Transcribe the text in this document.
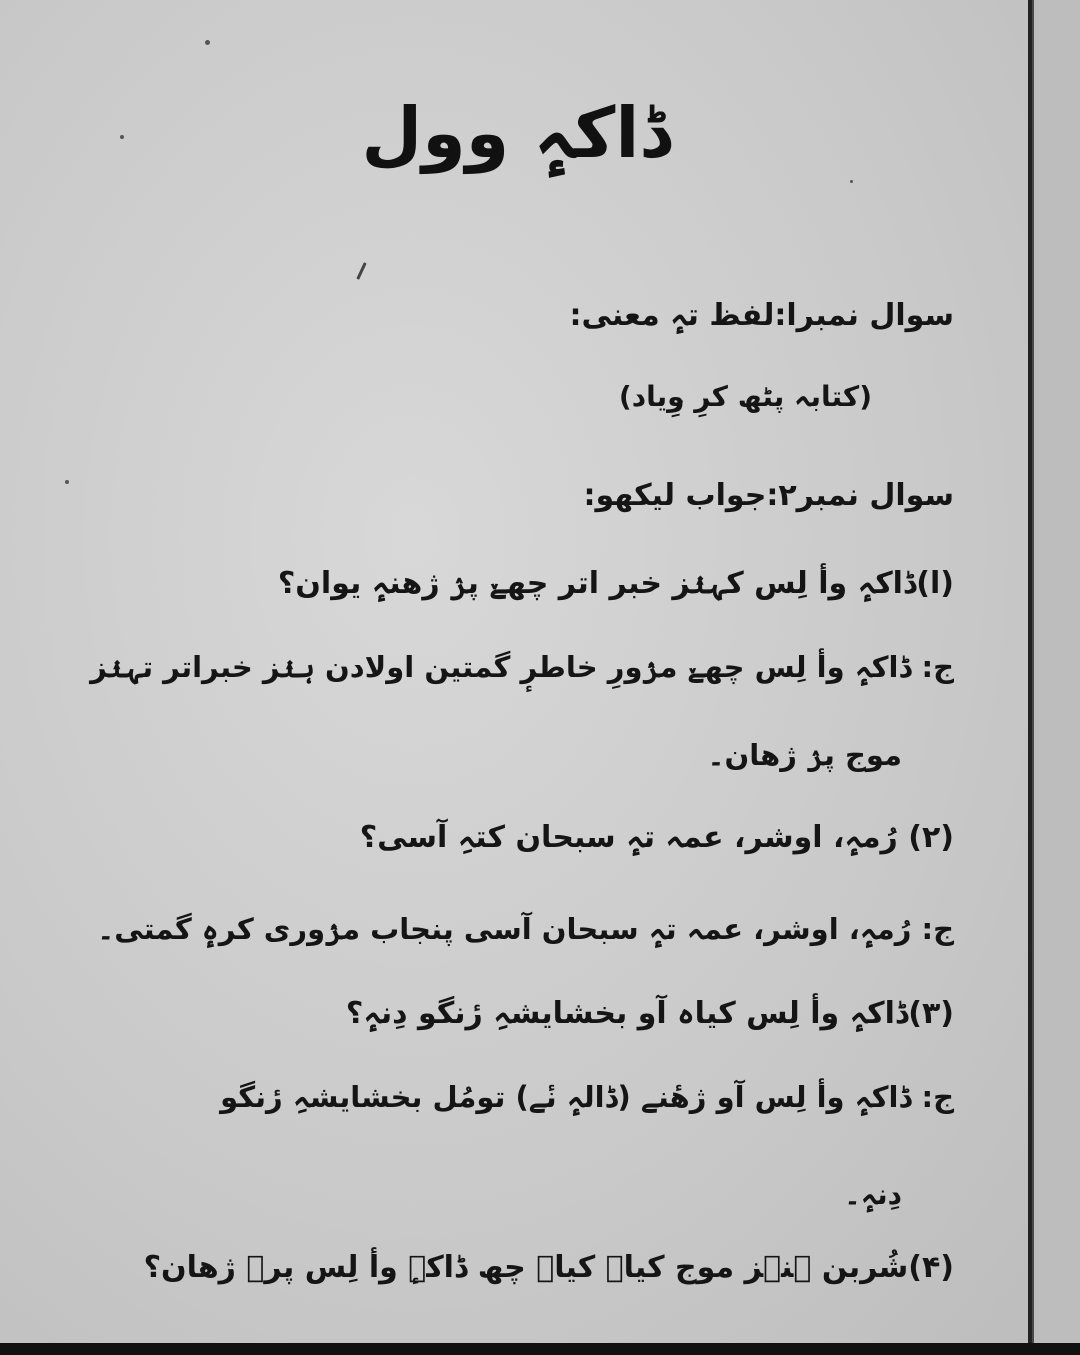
ڈاکہٕ وول
سوال نمبرا:لفظ تہٕ معنی:
(کتابہ پٹھ کرِ وِیاد)
سوال نمبر۲:جواب لیکھو:
(ا)ڈاکہٕ وأ لِس کہنٛز خبر اتر چھےٚ پرٛ ژھنہٕ یوان؟
ج: ڈاکہٕ وأ لِس چھےٚ مزٛورِ خاطرٕ گمتین اولادن ہنٛز خبراتر تہنٛز
موج پرٛ ژھان۔
(۲) رُمہٕ، اوشر، عمہ تہٕ سبحان کتہِ آسی؟
ج: رُمہٕ، اوشر، عمہ تہٕ سبحان آسی پنجاب مزٛوری کرہٕ گمتی۔
(۳)ڈاکہٕ وأ لِس کیاہ آو بخشایشہِ رٔنگو دِنہٕ؟
ج: ڈاکہٕ وأ لِس آو ژھٔنے (ڈالہٕ نٔے) تومُل بخشایشہِ رٔنگو
دِنہٕ۔
(۴)شُربن ہنٛز موج کیاہ کیاہ چھ ڈاکہٕ وأ لِس پرٛ ژھان؟
